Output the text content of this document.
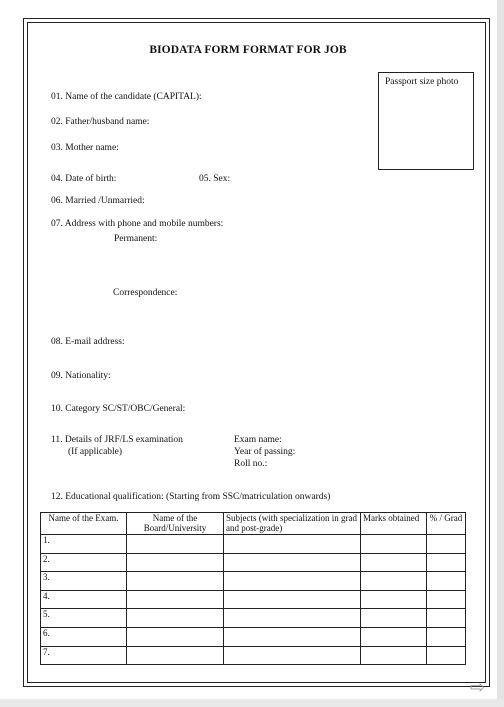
BIODATA FORM FORMAT FOR JOB
Passport size photo
01. Name of the candidate (CAPITAL):
02. Father/husband name:
03. Mother name:
04. Date of birth:	05. Sex:
06. Married /Unmarried:
07. Address with phone and mobile numbers:
Permanent:
Correspondence:
08. E-mail address:
09. Nationality:
10. Category SC/ST/OBC/General:
11. Details of JRF/LS examination
(If applicable)
Exam name:
Year of passing:
Roll no.:
12. Educational qualification: (Starting from SSC/matriculation onwards)
Name of the Exam.	Name of the Board/University	Subjects (with specialization in grad and post-grade)	Marks obtained	% / Grad
1.				
2.				
3.				
4.				
5.				
6.				
7.				
⇨
